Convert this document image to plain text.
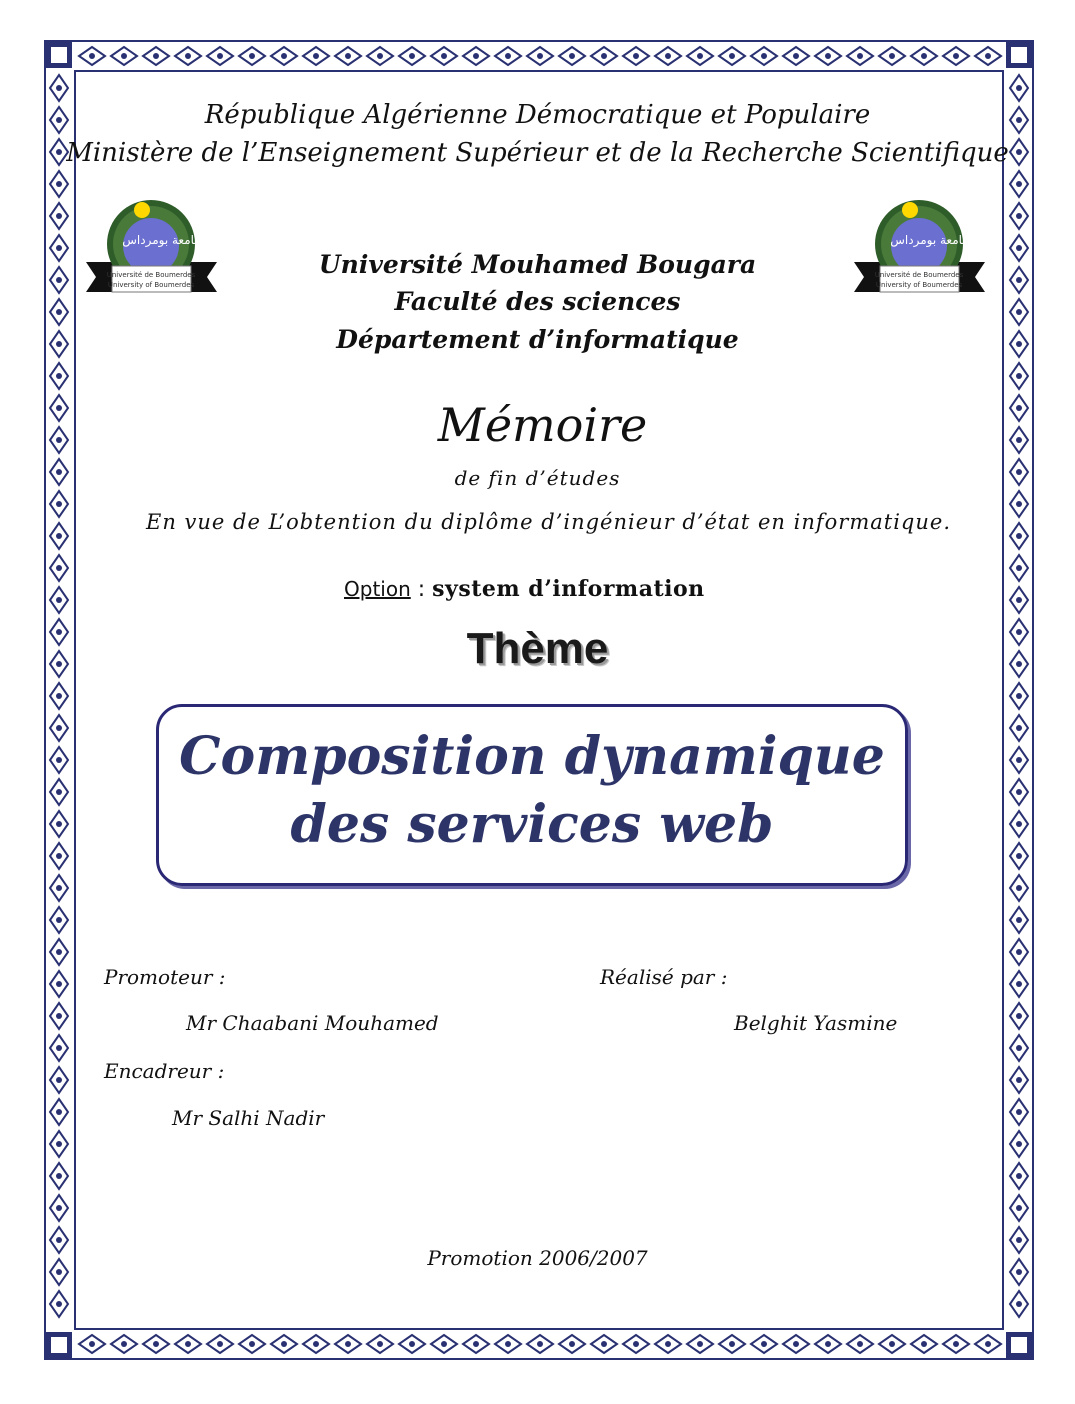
République Algérienne Démocratique et Populaire
Ministère de l’Enseignement Supérieur et de la Recherche Scientifique
جامعة بومرداس
Université de Boumerdes
University of Boumerdes
جامعة بومرداس
Université de Boumerdes
University of Boumerdes
Université Mouhamed Bougara
Faculté des sciences
Département d’informatique
Mémoire
de fin d’études
En vue de L’obtention du diplôme d’ingénieur d’état en informatique.
Option : system d’information
Thème
Composition dynamique
des services web
Promoteur :
Mr Chaabani Mouhamed
Encadreur :
Mr Salhi Nadir
Réalisé par :
Belghit Yasmine
Promotion 2006/2007
